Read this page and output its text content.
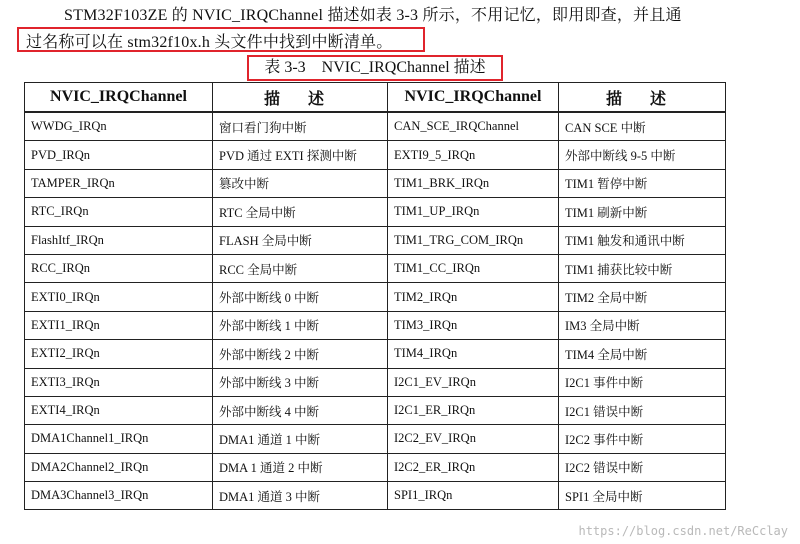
STM32F103ZE 的 NVIC_IRQChannel 描述如表 3-3 所示，不用记忆，即用即查，并且通
过名称可以在 stm32f10x.h 头文件中找到中断清单。
表 3-3　NVIC_IRQChannel 描述
NVIC_IRQChannel	描 述	NVIC_IRQChannel	描 述
WWDG_IRQn	窗口看门狗中断	CAN_SCE_IRQChannel	CAN SCE 中断
PVD_IRQn	PVD 通过 EXTI 探测中断	EXTI9_5_IRQn	外部中断线 9-5 中断
TAMPER_IRQn	篡改中断	TIM1_BRK_IRQn	TIM1 暂停中断
RTC_IRQn	RTC 全局中断	TIM1_UP_IRQn	TIM1 刷新中断
FlashItf_IRQn	FLASH 全局中断	TIM1_TRG_COM_IRQn	TIM1 触发和通讯中断
RCC_IRQn	RCC 全局中断	TIM1_CC_IRQn	TIM1 捕获比较中断
EXTI0_IRQn	外部中断线 0 中断	TIM2_IRQn	TIM2 全局中断
EXTI1_IRQn	外部中断线 1 中断	TIM3_IRQn	IM3 全局中断
EXTI2_IRQn	外部中断线 2 中断	TIM4_IRQn	TIM4 全局中断
EXTI3_IRQn	外部中断线 3 中断	I2C1_EV_IRQn	I2C1 事件中断
EXTI4_IRQn	外部中断线 4 中断	I2C1_ER_IRQn	I2C1 错误中断
DMA1Channel1_IRQn	DMA1 通道 1 中断	I2C2_EV_IRQn	I2C2 事件中断
DMA2Channel2_IRQn	DMA 1 通道 2 中断	I2C2_ER_IRQn	I2C2 错误中断
DMA3Channel3_IRQn	DMA1 通道 3 中断	SPI1_IRQn	SPI1 全局中断
https://blog.csdn.net/ReCclay
